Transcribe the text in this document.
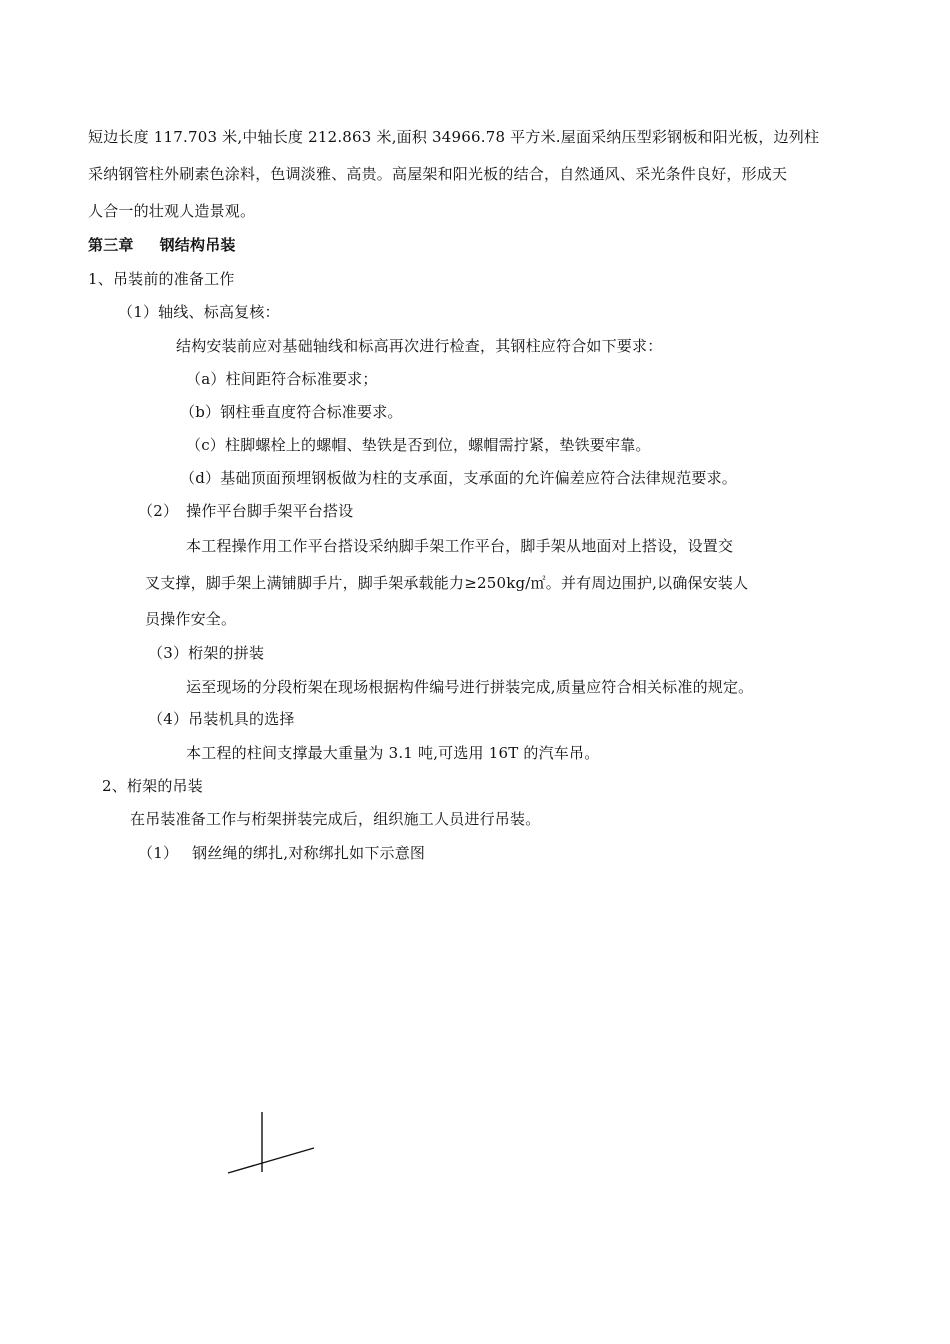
短边长度 117.703 米,中轴长度 212.863 米,面积 34966.78 平方米.屋面采纳压型彩钢板和阳光板，边列柱
采纳钢管柱外刷素色涂料，色调淡雅、高贵。高屋架和阳光板的结合，自然通风、采光条件良好，形成天
人合一的壮观人造景观。
第三章 钢结构吊装
1、吊装前的准备工作
（1）轴线、标高复核：
结构安装前应对基础轴线和标高再次进行检查，其钢柱应符合如下要求：
（a）柱间距符合标准要求；
（b）钢柱垂直度符合标准要求。
（c）柱脚螺栓上的螺帽、垫铁是否到位，螺帽需拧紧，垫铁要牢靠。
（d）基础顶面预埋钢板做为柱的支承面，支承面的允许偏差应符合法律规范要求。
（2） 操作平台脚手架平台搭设
本工程操作用工作平台搭设采纳脚手架工作平台，脚手架从地面对上搭设，设置交
叉支撑，脚手架上满铺脚手片，脚手架承载能力≥250kg/㎡。并有周边围护,以确保安装人
员操作安全。
（3）桁架的拼装
运至现场的分段桁架在现场根据构件编号进行拼装完成,质量应符合相关标准的规定。
（4）吊装机具的选择
本工程的柱间支撑最大重量为 3.1 吨,可选用 16T 的汽车吊。
2、桁架的吊装
在吊装准备工作与桁架拼装完成后，组织施工人员进行吊装。
（1） 钢丝绳的绑扎,对称绑扎如下示意图
